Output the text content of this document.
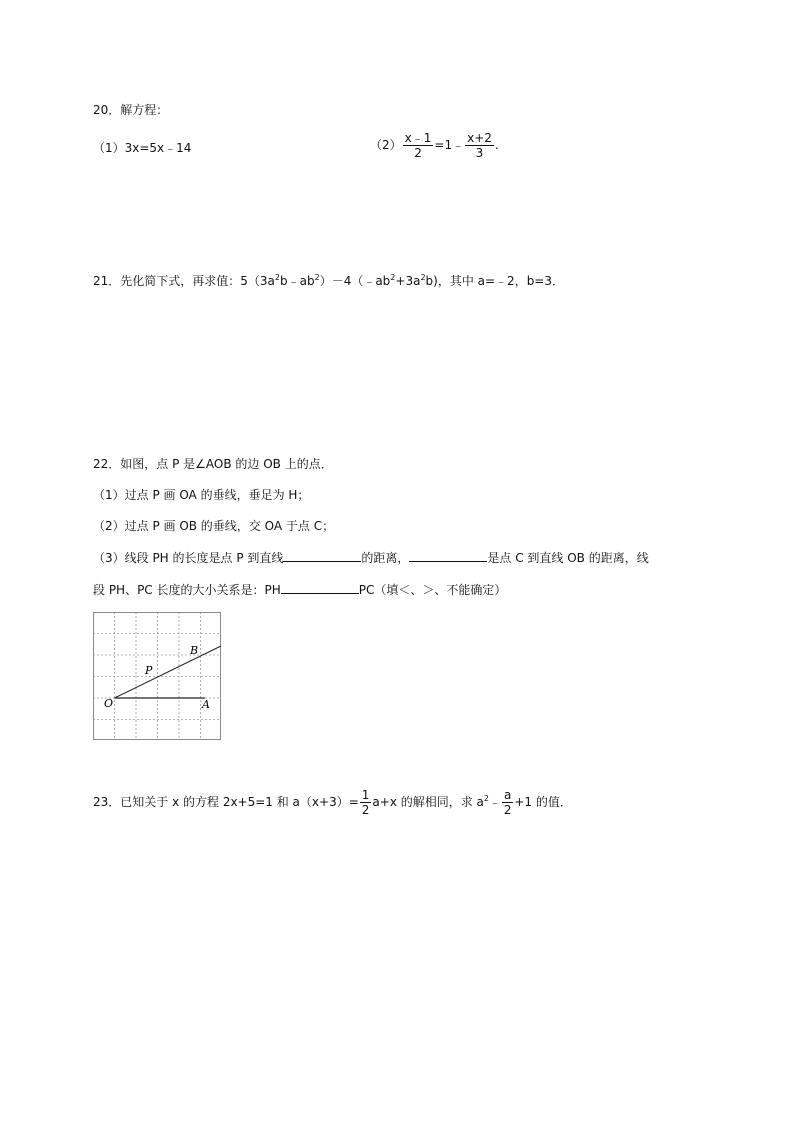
20．解方程：
（1）3x=5x﹣14	$(2) \frac{x﹣1}{2}$ =1﹣ $\frac{x+2}{3}$ .
21．先化简下式，再求值：$5(3a^2b﹣ab^2)-4(﹣ab^2+3a^2b)$，其中 a=﹣2，b=3．
22．如图，点 P 是∠AOB 的边 OB 上的点．
（1）过点 P 画 OA 的垂线，垂足为 H；
（2）过点 P 画 OB 的垂线，交 OA 于点 C；
（3）线段 PH 的长度是点 P 到直线	的距离，	是点 C 到直线 OB 的距离，线
段 PH、PC 长度的大小关系是：PH	PC（填＜、＞、不能确定）
O	A
B
P
23．已知关于 x 的方程 2x+5=1 和 $a(x+3)= \frac{1}{2} a+x$ 的解相同，求 $a^2﹣ \frac{a}{2} +1$ 的值．
